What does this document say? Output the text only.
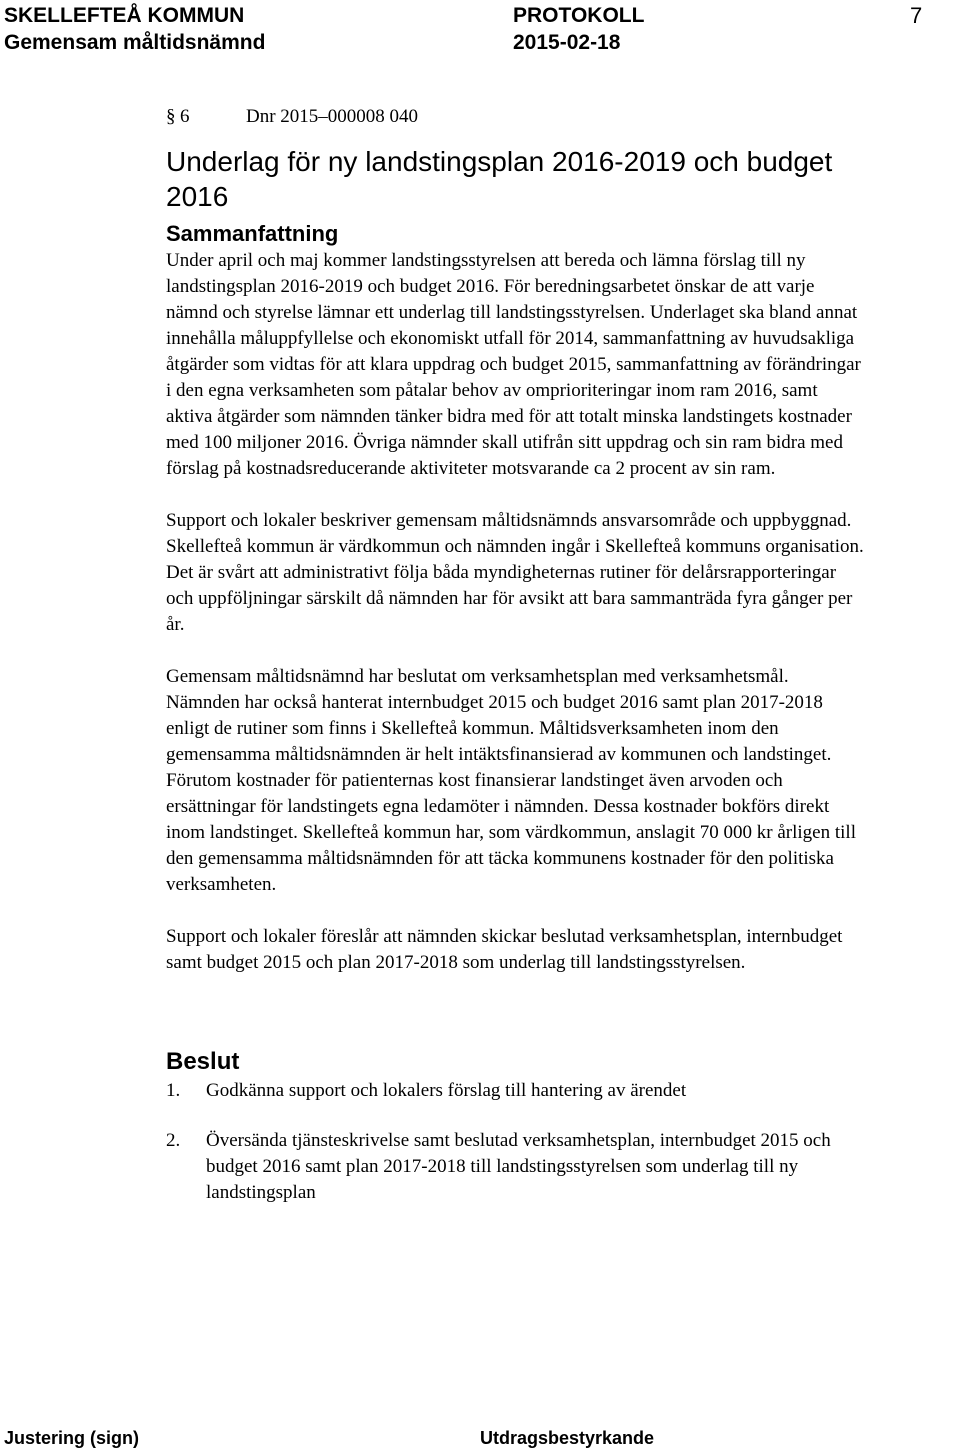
SKELLEFTEÅ KOMMUN
Gemensam måltidsnämnd
PROTOKOLL
2015-02-18
7
§ 6	Dnr 2015–000008 040
Underlag för ny landstingsplan 2016-2019 och budget 2016
Sammanfattning

Under april och maj kommer landstingsstyrelsen att bereda och lämna förslag till ny landstingsplan 2016-2019 och budget 2016. För beredningsarbetet önskar de att varje nämnd och styrelse lämnar ett underlag till landstingsstyrelsen. Underlaget ska bland annat innehålla måluppfyllelse och ekonomiskt utfall för 2014, sammanfattning av huvudsakliga åtgärder som vidtas för att klara uppdrag och budget 2015, sammanfattning av förändringar i den egna verksamheten som påtalar behov av omprioriteringar inom ram 2016, samt aktiva åtgärder som nämnden tänker bidra med för att totalt minska landstingets kostnader med 100 miljoner 2016. Övriga nämnder skall utifrån sitt uppdrag och sin ram bidra med förslag på kostnadsreducerande aktiviteter motsvarande ca 2 procent av sin ram.

Support och lokaler beskriver gemensam måltidsnämnds ansvarsområde och uppbyggnad. Skellefteå kommun är värdkommun och nämnden ingår i Skellefteå kommuns organisation. Det är svårt att administrativt följa båda myndigheternas rutiner för delårsrapporteringar och uppföljningar särskilt då nämnden har för avsikt att bara sammanträda fyra gånger per år.

Gemensam måltidsnämnd har beslutat om verksamhetsplan med verksamhetsmål. Nämnden har också hanterat internbudget 2015 och budget 2016 samt plan 2017-2018 enligt de rutiner som finns i Skellefteå kommun. Måltidsverksamheten inom den gemensamma måltidsnämnden är helt intäktsfinansierad av kommunen och landstinget. Förutom kostnader för patienternas kost finansierar landstinget även arvoden och ersättningar för landstingets egna ledamöter i nämnden. Dessa kostnader bokförs direkt inom landstinget. Skellefteå kommun har, som värdkommun, anslagit 70 000 kr årligen till den gemensamma måltidsnämnden för att täcka kommunens kostnader för den politiska verksamheten.

Support och lokaler föreslår att nämnden skickar beslutad verksamhetsplan, internbudget samt budget 2015 och plan 2017-2018 som underlag till landstingsstyrelsen.

Beslut
1. Godkänna support och lokalers förslag till hantering av ärendet
2. Översända tjänsteskrivelse samt beslutad verksamhetsplan, internbudget 2015 och budget 2016 samt plan 2017-2018 till landstingsstyrelsen som underlag till ny landstingsplan
Justering (sign)	Utdragsbestyrkande
